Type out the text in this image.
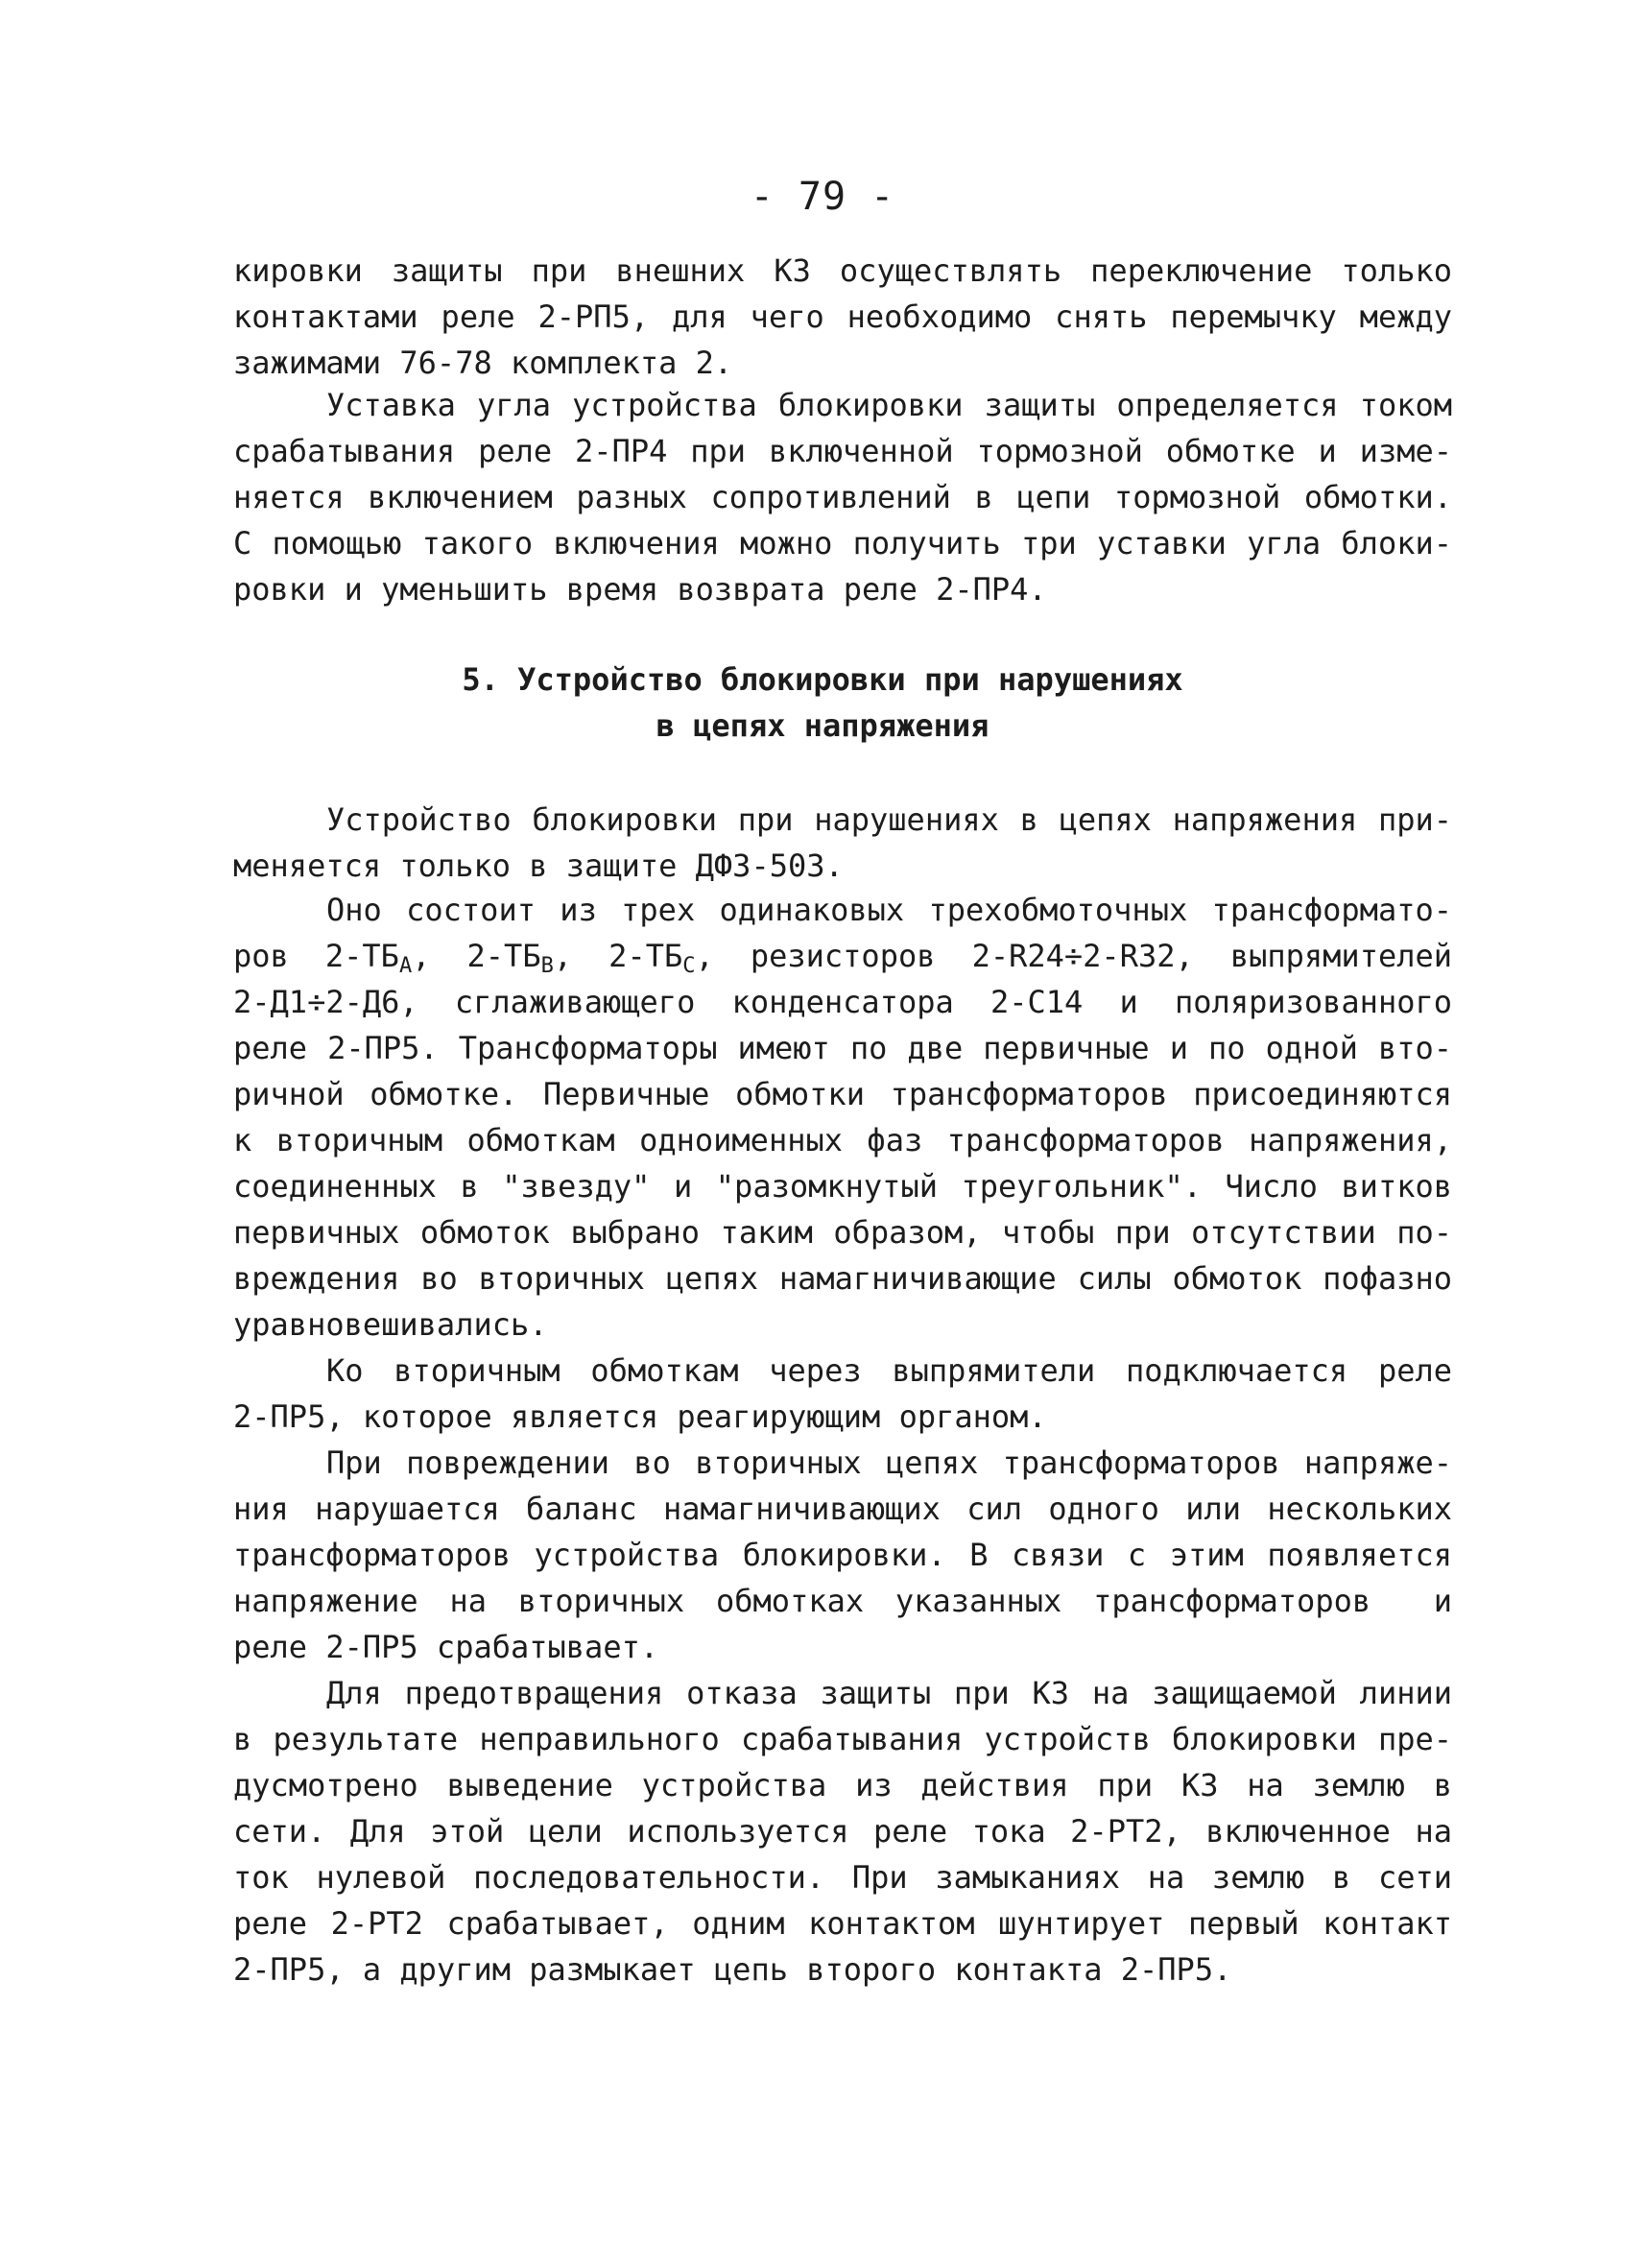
- 79 -
кировки защиты при внешних КЗ осуществлять переключение только
контактами реле 2-РП5, для чего необходимо снять перемычку между
зажимами 76-78 комплекта 2.
Уставка угла устройства блокировки защиты определяется током
срабатывания реле 2-ПР4 при включенной тормозной обмотке и изме-
няется включением разных сопротивлений в цепи тормозной обмотки.
С помощью такого включения можно получить три уставки угла блоки-
ровки и уменьшить время возврата реле 2-ПР4.
5. Устройство блокировки при нарушениях
в цепях напряжения
Устройство блокировки при нарушениях в цепях напряжения при-
меняется только в защите ДФЗ-503.
Оно состоит из трех одинаковых трехобмоточных трансформато-
ров $2-ТБ_А$, $2-ТБ_В$, $2-ТБ_С$, резисторов 2-R24÷2-R32, выпрямителей
2-Д1÷2-Д6, сглаживающего конденсатора 2-С14 и поляризованного
реле 2-ПР5. Трансформаторы имеют по две первичные и по одной вто-
ричной обмотке. Первичные обмотки трансформаторов присоединяются
к вторичным обмоткам одноименных фаз трансформаторов напряжения,
соединенных в "звезду" и "разомкнутый треугольник". Число витков
первичных обмоток выбрано таким образом, чтобы при отсутствии по-
вреждения во вторичных цепях намагничивающие силы обмоток пофазно
уравновешивались.
Ко вторичным обмоткам через выпрямители подключается реле
2-ПР5, которое является реагирующим органом.
При повреждении во вторичных цепях трансформаторов напряже-
ния нарушается баланс намагничивающих сил одного или нескольких
трансформаторов устройства блокировки. В связи с этим появляется
напряжение на вторичных обмотках указанных трансформаторов  и
реле 2-ПР5 срабатывает.
Для предотвращения отказа защиты при КЗ на защищаемой линии
в результате неправильного срабатывания устройств блокировки пре-
дусмотрено выведение устройства из действия при КЗ на землю в
сети. Для этой цели используется реле тока 2-РТ2, включенное на
ток нулевой последовательности. При замыканиях на землю в сети
реле 2-РТ2 срабатывает, одним контактом шунтирует первый контакт
2-ПР5, а другим размыкает цепь второго контакта 2-ПР5.
